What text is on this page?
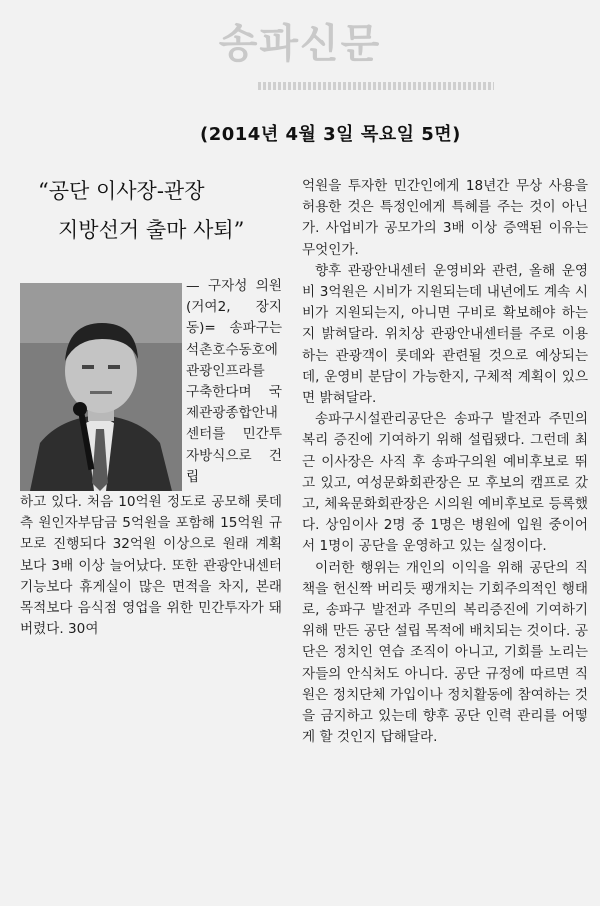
송파신문
(2014년 4월 3일 목요일 5면)
“공단 이사장-관장
지방선거 출마 사퇴”
— 구자성 의원(거여2, 장지동)= 송파구는 석촌호수동호에 관광인프라를 구축한다며 국제관광종합안내센터를 민간투자방식으로 건립

하고 있다. 처음 10억원 정도로 공모해 롯데 측 원인자부담금 5억원을 포함해 15억원 규모로 진행되다 32억원 이상으로 원래 계획보다 3배 이상 늘어났다. 또한 관광안내센터 기능보다 휴게실이 많은 면적을 차지, 본래 목적보다 음식점 영업을 위한 민간투자가 돼 버렸다. 30여

억원을 투자한 민간인에게 18년간 무상 사용을 허용한 것은 특정인에게 특혜를 주는 것이 아닌가. 사업비가 공모가의 3배 이상 증액된 이유는 무엇인가.

향후 관광안내센터 운영비와 관련, 올해 운영비 3억원은 시비가 지원되는데 내년에도 계속 시비가 지원되는지, 아니면 구비로 확보해야 하는지 밝혀달라. 위치상 관광안내센터를 주로 이용하는 관광객이 롯데와 관련될 것으로 예상되는데, 운영비 분담이 가능한지, 구체적 계획이 있으면 밝혀달라.

송파구시설관리공단은 송파구 발전과 주민의 복리 증진에 기여하기 위해 설립됐다. 그런데 최근 이사장은 사직 후 송파구의원 예비후보로 뛰고 있고, 여성문화회관장은 모 후보의 캠프로 갔고, 체육문화회관장은 시의원 예비후보로 등록했다. 상임이사 2명 중 1명은 병원에 입원 중이어서 1명이 공단을 운영하고 있는 실정이다.

이러한 행위는 개인의 이익을 위해 공단의 직책을 헌신짝 버리듯 팽개치는 기회주의적인 행태로, 송파구 발전과 주민의 복리증진에 기여하기 위해 만든 공단 설립 목적에 배치되는 것이다. 공단은 정치인 연습 조직이 아니고, 기회를 노리는 자들의 안식처도 아니다. 공단 규정에 따르면 직원은 정치단체 가입이나 정치활동에 참여하는 것을 금지하고 있는데 향후 공단 인력 관리를 어떻게 할 것인지 답해달라.
